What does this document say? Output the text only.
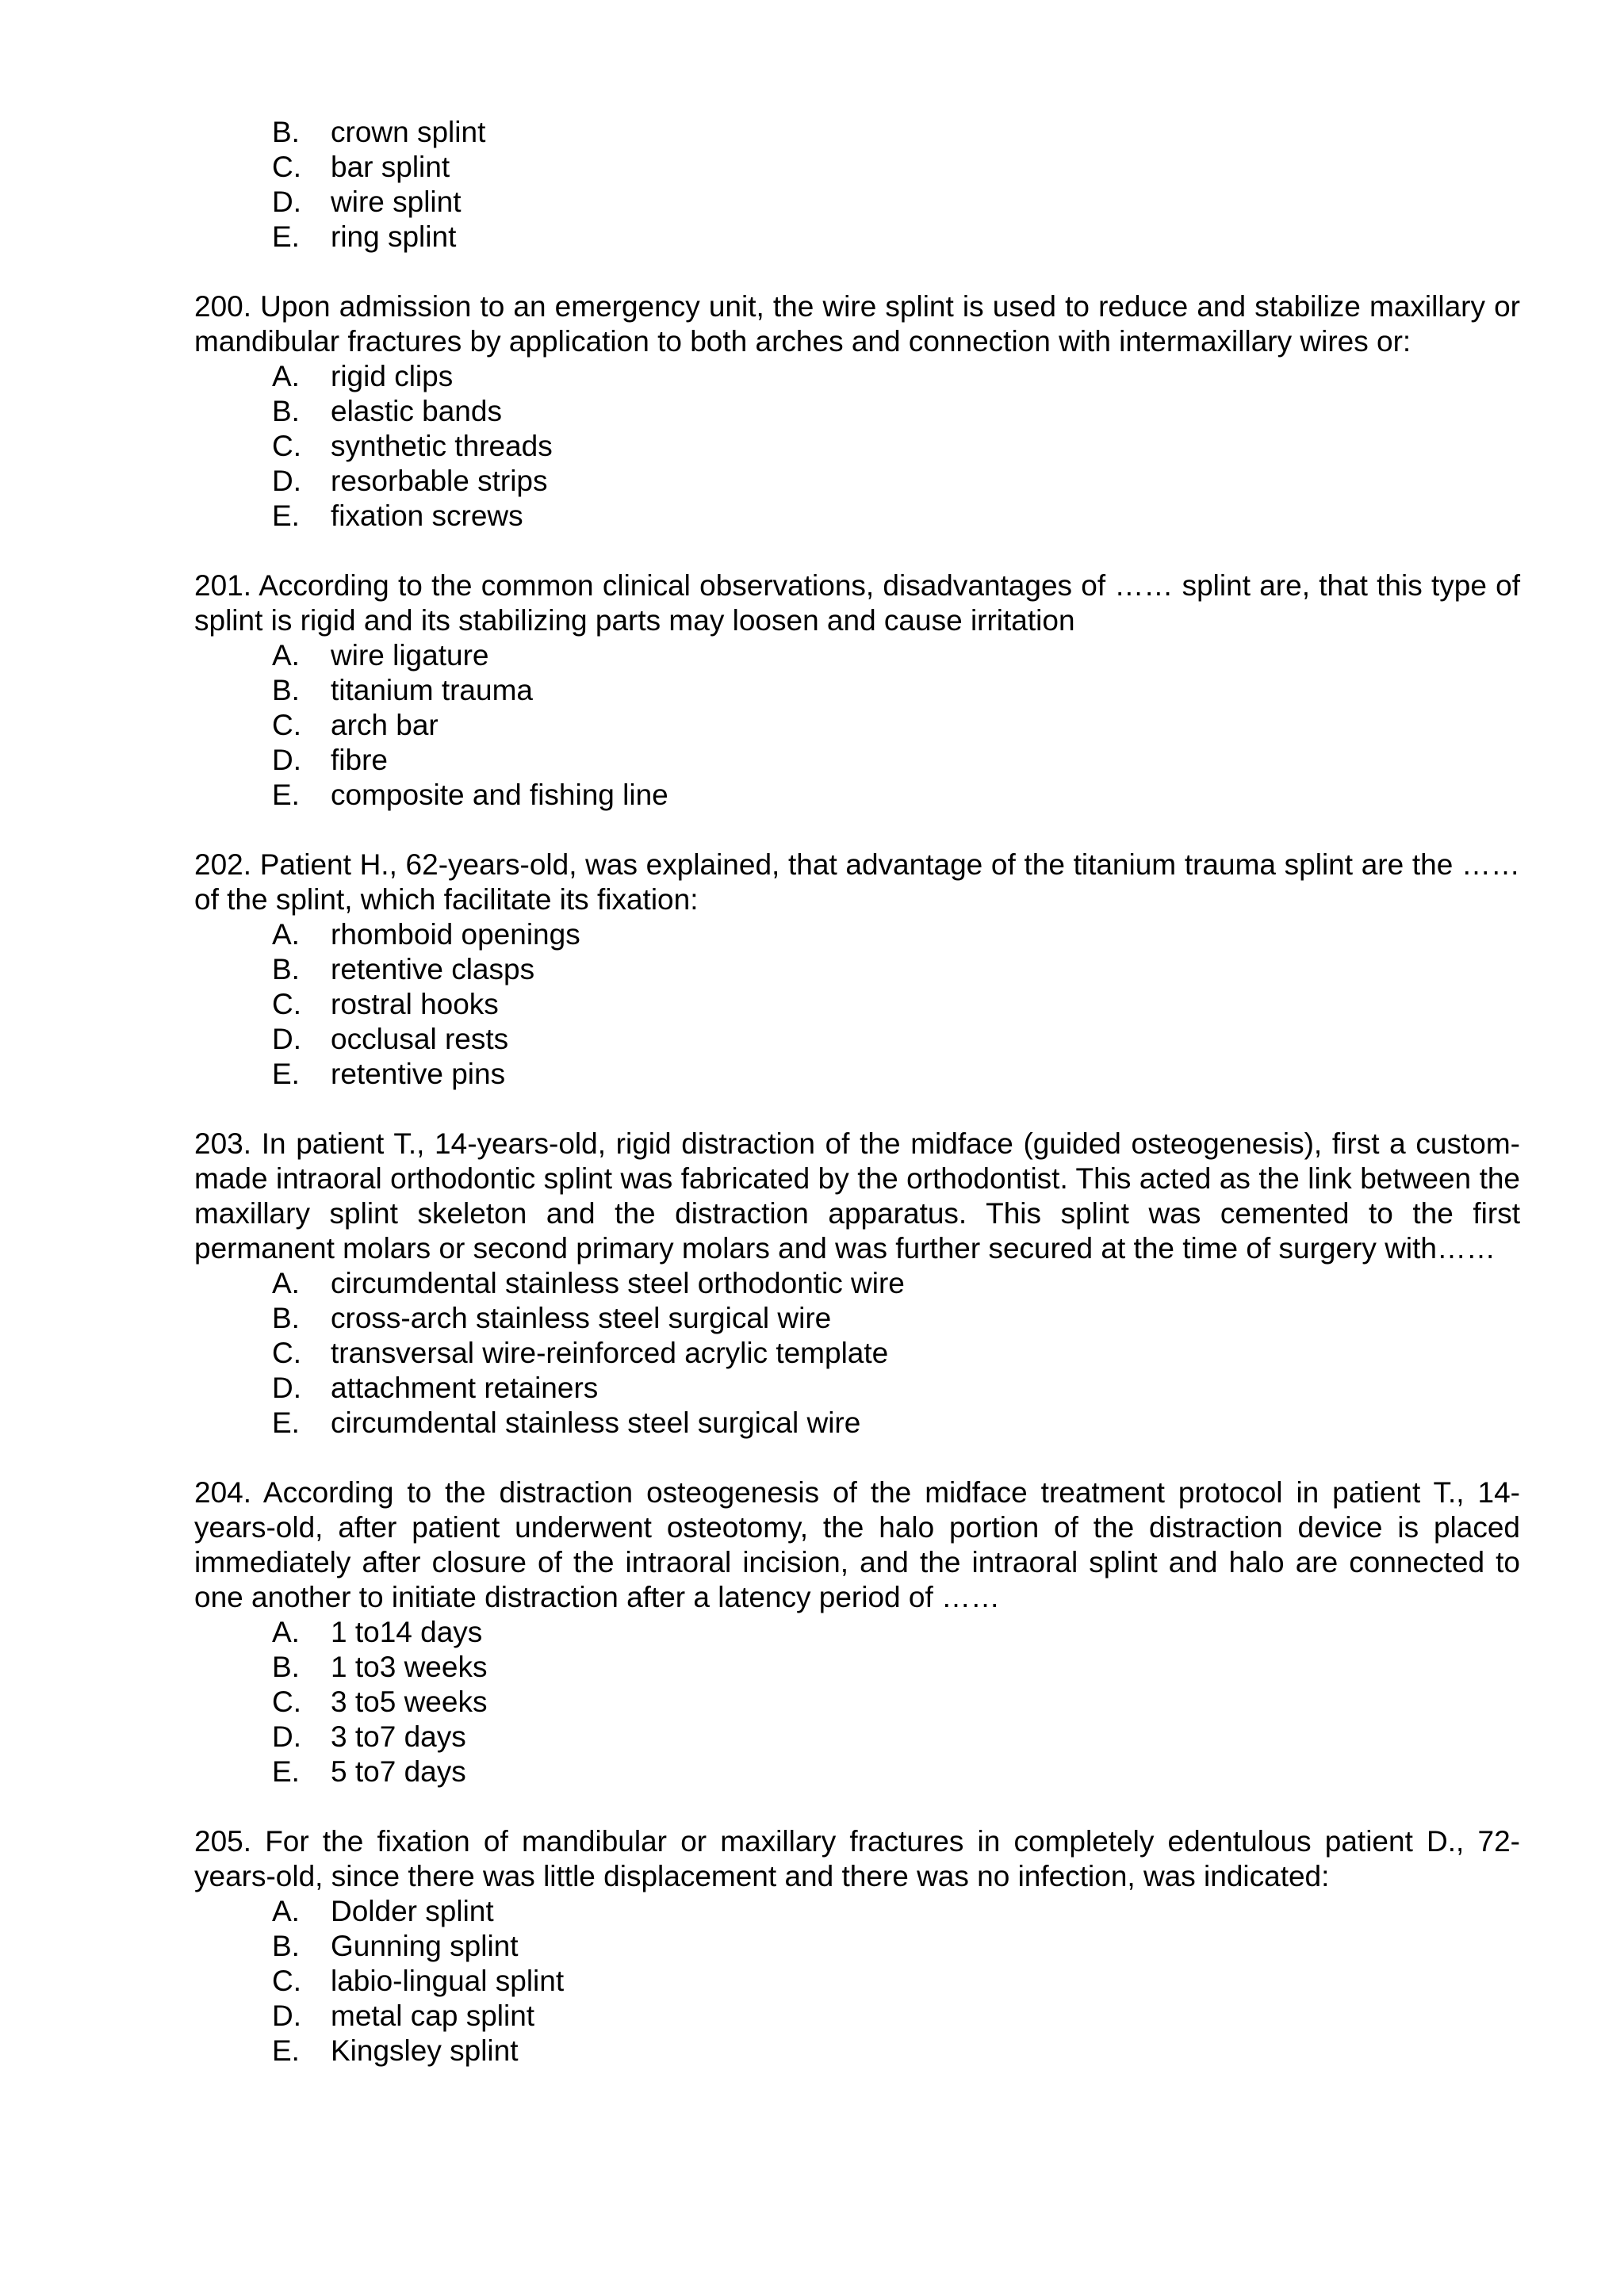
B. crown splint
C. bar splint
D. wire splint
E. ring splint

200. Upon admission to an emergency unit, the wire splint is used to reduce and stabilize maxillary or mandibular fractures by application to both arches and connection with intermaxillary wires or:

A. rigid clips
B. elastic bands
C. synthetic threads
D. resorbable strips
E. fixation screws

201. According to the common clinical observations, disadvantages of …… splint are, that this type of splint is rigid and its stabilizing parts may loosen and cause irritation

A. wire ligature
B. titanium trauma
C. arch bar
D. fibre
E. composite and fishing line

202. Patient H., 62-years-old, was explained, that advantage of the titanium trauma splint are the …… of the splint, which facilitate its fixation:

A. rhomboid openings
B. retentive clasps
C. rostral hooks
D. occlusal rests
E. retentive pins

203. In patient T., 14-years-old, rigid distraction of the midface (guided osteogenesis), first a custom-made intraoral orthodontic splint was fabricated by the orthodontist. This acted as the link between the maxillary splint skeleton and the distraction apparatus. This splint was cemented to the first permanent molars or second primary molars and was further secured at the time of surgery with……

A. circumdental stainless steel orthodontic wire
B. cross-arch stainless steel surgical wire
C. transversal wire-reinforced acrylic template
D. attachment retainers
E. circumdental stainless steel surgical wire

204. According to the distraction osteogenesis of the midface treatment protocol in patient T., 14-years-old, after patient underwent osteotomy, the halo portion of the distraction device is placed immediately after closure of the intraoral incision, and the intraoral splint and halo are connected to one another to initiate distraction after a latency period of ……

A. 1 to14 days
B. 1 to3 weeks
C. 3 to5 weeks
D. 3 to7 days
E. 5 to7 days

205. For the fixation of mandibular or maxillary fractures in completely edentulous patient D., 72-years-old, since there was little displacement and there was no infection, was indicated:

A. Dolder splint
B. Gunning splint
C. labio-lingual splint
D. metal cap splint
E. Kingsley splint
